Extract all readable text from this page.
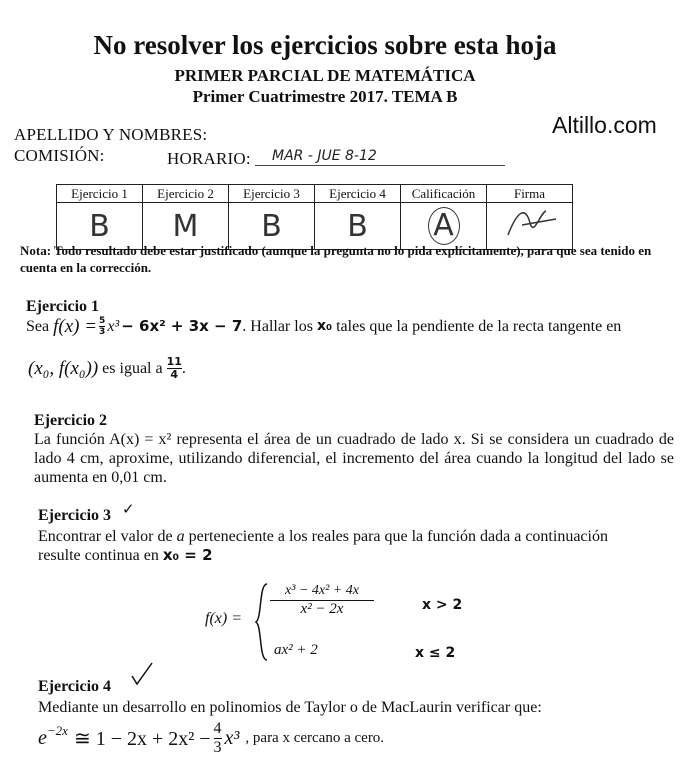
No resolver los ejercicios sobre esta hoja
PRIMER PARCIAL DE MATEMÁTICA
Primer Cuatrimestre 2017. TEMA B
Altillo.com
APELLIDO Y NOMBRES:
COMISIÓN:	HORARIO: MAR - JUE 8-12
Ejercicio 1	Ejercicio 2	Ejercicio 3	Ejercicio 4	Calificación	Firma
B	M	B	B	A	
Nota: Todo resultado debe estar justificado (aunque la pregunta no lo pida explícitamente), para que sea tenido en cuenta en la corrección.
Ejercicio 1
Sea
$f(x) = \frac{5}{3} x^3 - 6x^2 + 3x - 7$ . Hallar los
x₀
tales que la pendiente de la recta tangente en
(x₀, f(x₀))
es igual a
$\frac{11}{4}$ .
Ejercicio 2
La función A(x) = x² representa el área de un cuadrado de lado x. Si se considera un cuadrado de lado 4 cm, aproxime, utilizando diferencial, el incremento del área cuando la longitud del lado se aumenta en 0,01 cm.
Ejercicio 3 ✓
Encontrar el valor de a perteneciente a los reales para que la función dada a continuación
resulte continua en x₀ = 2
f(x) =
$\frac{\text{x³ − 4x² + 4x}}{\text{x² − 2x}}$	x > 2
ax² + 2	x ≤ 2
Ejercicio 4
Mediante un desarrollo en polinomios de Taylor o de MacLaurin verificar que:
$e^{-2x}$ ≅ $1 - 2x + 2x^2 - \frac{4}{3} x^3$ , para x cercano a cero.
